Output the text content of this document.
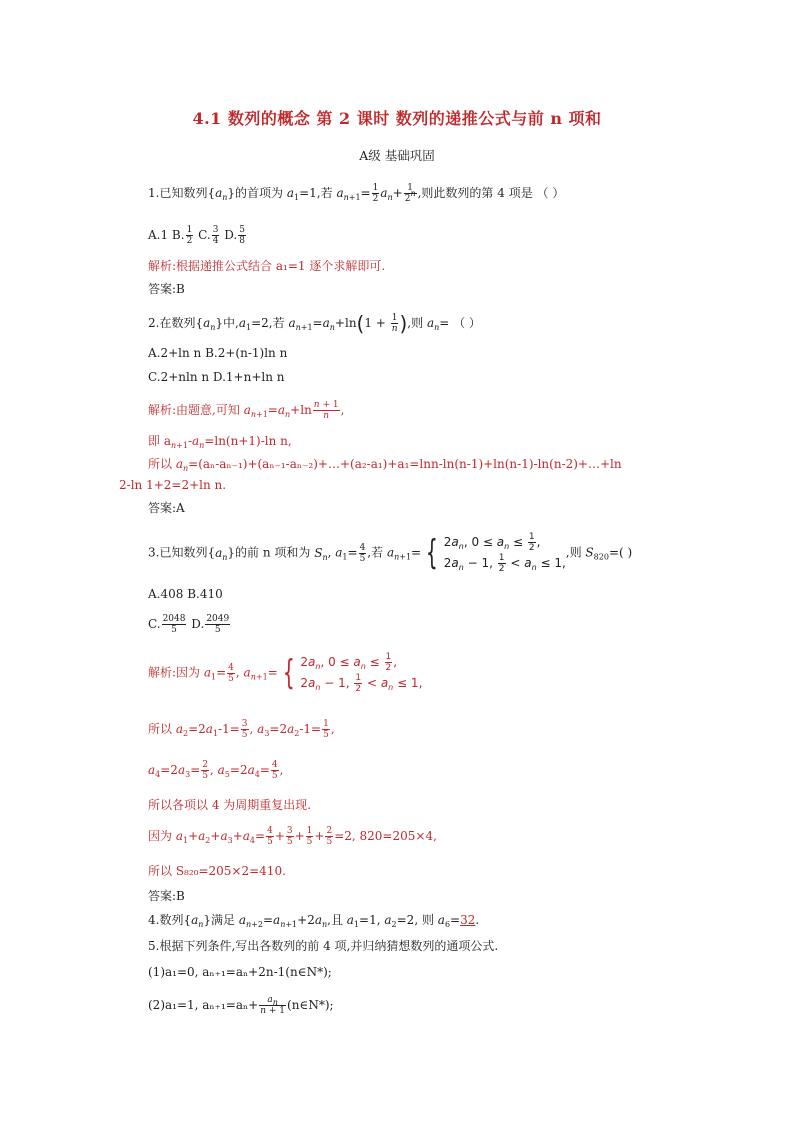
4.1 数列的概念 第 2 课时 数列的递推公式与前 n 项和
A级 基础巩固
1.已知数列$\{a_n\}$的首项为 $a_1=1$,若 $a_{n+1}= \frac{1}{2} a_n+ \frac{1}{2^n}$ ,则此数列的第 4 项是 （ ）
A.1 B. $\frac{1}{2} C$. $\frac{3}{4} D$. $\frac{5}{8}$
解析:根据递推公式结合 a₁=1 逐个求解即可.
答案:B
2.在数列$\{a_n\}$中$,a_1=2$,若 $a_{n+1}=a_n+\ln(1 + \frac{1}{n}$ ),则 $a_n=$ （ ）
A.2+ln n B.2+(n-1)ln n
C.2+nln n D.1+n+ln n
解析:由题意,可知 $a_{n+1}=a_n+\ln \frac{n + 1}{n}$ ,
即 $a_{n+1}-a_n=\ln(n+1)-\ln$ n,
所以 $a_n=(a_n-a_{n-1})+(a_{n-1}-a_{n-2})+\dots+(a_2-a_1)+a_1=\ln n-\ln(n-1)+\ln(n-1)-\ln(n-2)+\dots+\ln$
2-ln 1+2=2+ln n.
答案:A
3.已知数列$\{a_n\}$的前 n 项和为 $S_n$, $a_1= \frac{4}{5}$ ,若 $a_{n+1}=$ { $2a_n$, $0 \le a_n \le \frac{1}{2}$ ,
$2a_n - 1$, $\frac{1}{2} < a_n \le 1$,
,则 $S_{820}=$( )
A.408 B.410
C. $\frac{2048}{5} D$. $\frac{2049}{5}$
解析:因为 $a_1= \frac{4}{5}$ , $a_{n+1}=$ { $2a_n$, $0 \le a_n \le \frac{1}{2}$ ,
$2a_n - 1$, $\frac{1}{2} < a_n \le 1$,
所以 $a_2=2a_1-1= \frac{3}{5}$ , $a_3=2a_2-1= \frac{1}{5}$ ,
$a_4=2a_3= \frac{2}{5}$ , $a_5=2a_4= \frac{4}{5}$ ,
所以各项以 4 为周期重复出现.
因为 $a_1+a_2+a_3+a_4= \frac{4}{5} + \frac{3}{5} + \frac{1}{5} + \frac{2}{5} =2$, 820=205×4,
所以 S₈₂₀=205×2=410.
答案:B
4.数列$\{a_n\}$满足 $a_{n+2}=a_{n+1}+2a_n$,且 $a_1=1$, $a_2=2$, 则 $a_6=32$.
5.根据下列条件,写出各数列的前 4 项,并归纳猜想数列的通项公式.
(1)a₁=0, aₙ₊₁=aₙ+2n-1(n∈N*);
(2)a₁=1, $a_{n+1}=a_n+ \frac{a_n}{n + 1}$ (n∈N*);
